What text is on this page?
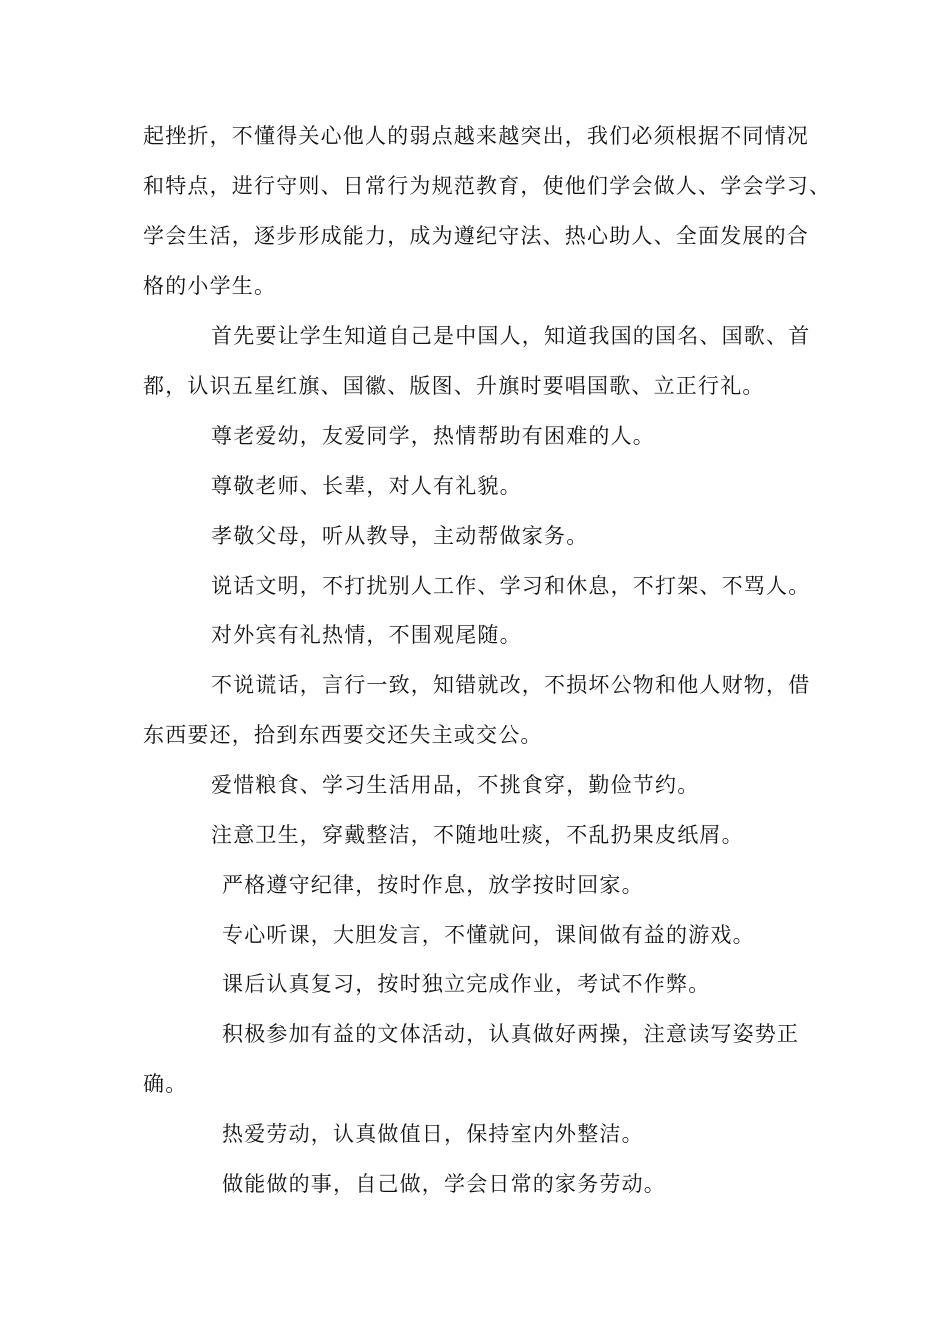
起挫折，不懂得关心他人的弱点越来越突出，我们必须根据不同情况
和特点，进行守则、日常行为规范教育，使他们学会做人、学会学习、
学会生活，逐步形成能力，成为遵纪守法、热心助人、全面发展的合
格的小学生。
首先要让学生知道自己是中国人，知道我国的国名、国歌、首
都，认识五星红旗、国徽、版图、升旗时要唱国歌、立正行礼。
尊老爱幼，友爱同学，热情帮助有困难的人。
尊敬老师、长辈，对人有礼貌。
孝敬父母，听从教导，主动帮做家务。
说话文明，不打扰别人工作、学习和休息，不打架、不骂人。
对外宾有礼热情，不围观尾随。
不说谎话，言行一致，知错就改，不损坏公物和他人财物，借
东西要还，拾到东西要交还失主或交公。
爱惜粮食、学习生活用品，不挑食穿，勤俭节约。
注意卫生，穿戴整洁，不随地吐痰，不乱扔果皮纸屑。
严格遵守纪律，按时作息，放学按时回家。
专心听课，大胆发言，不懂就问，课间做有益的游戏。
课后认真复习，按时独立完成作业，考试不作弊。
积极参加有益的文体活动，认真做好两操，注意读写姿势正
确。
热爱劳动，认真做值日，保持室内外整洁。
做能做的事，自己做，学会日常的家务劳动。
